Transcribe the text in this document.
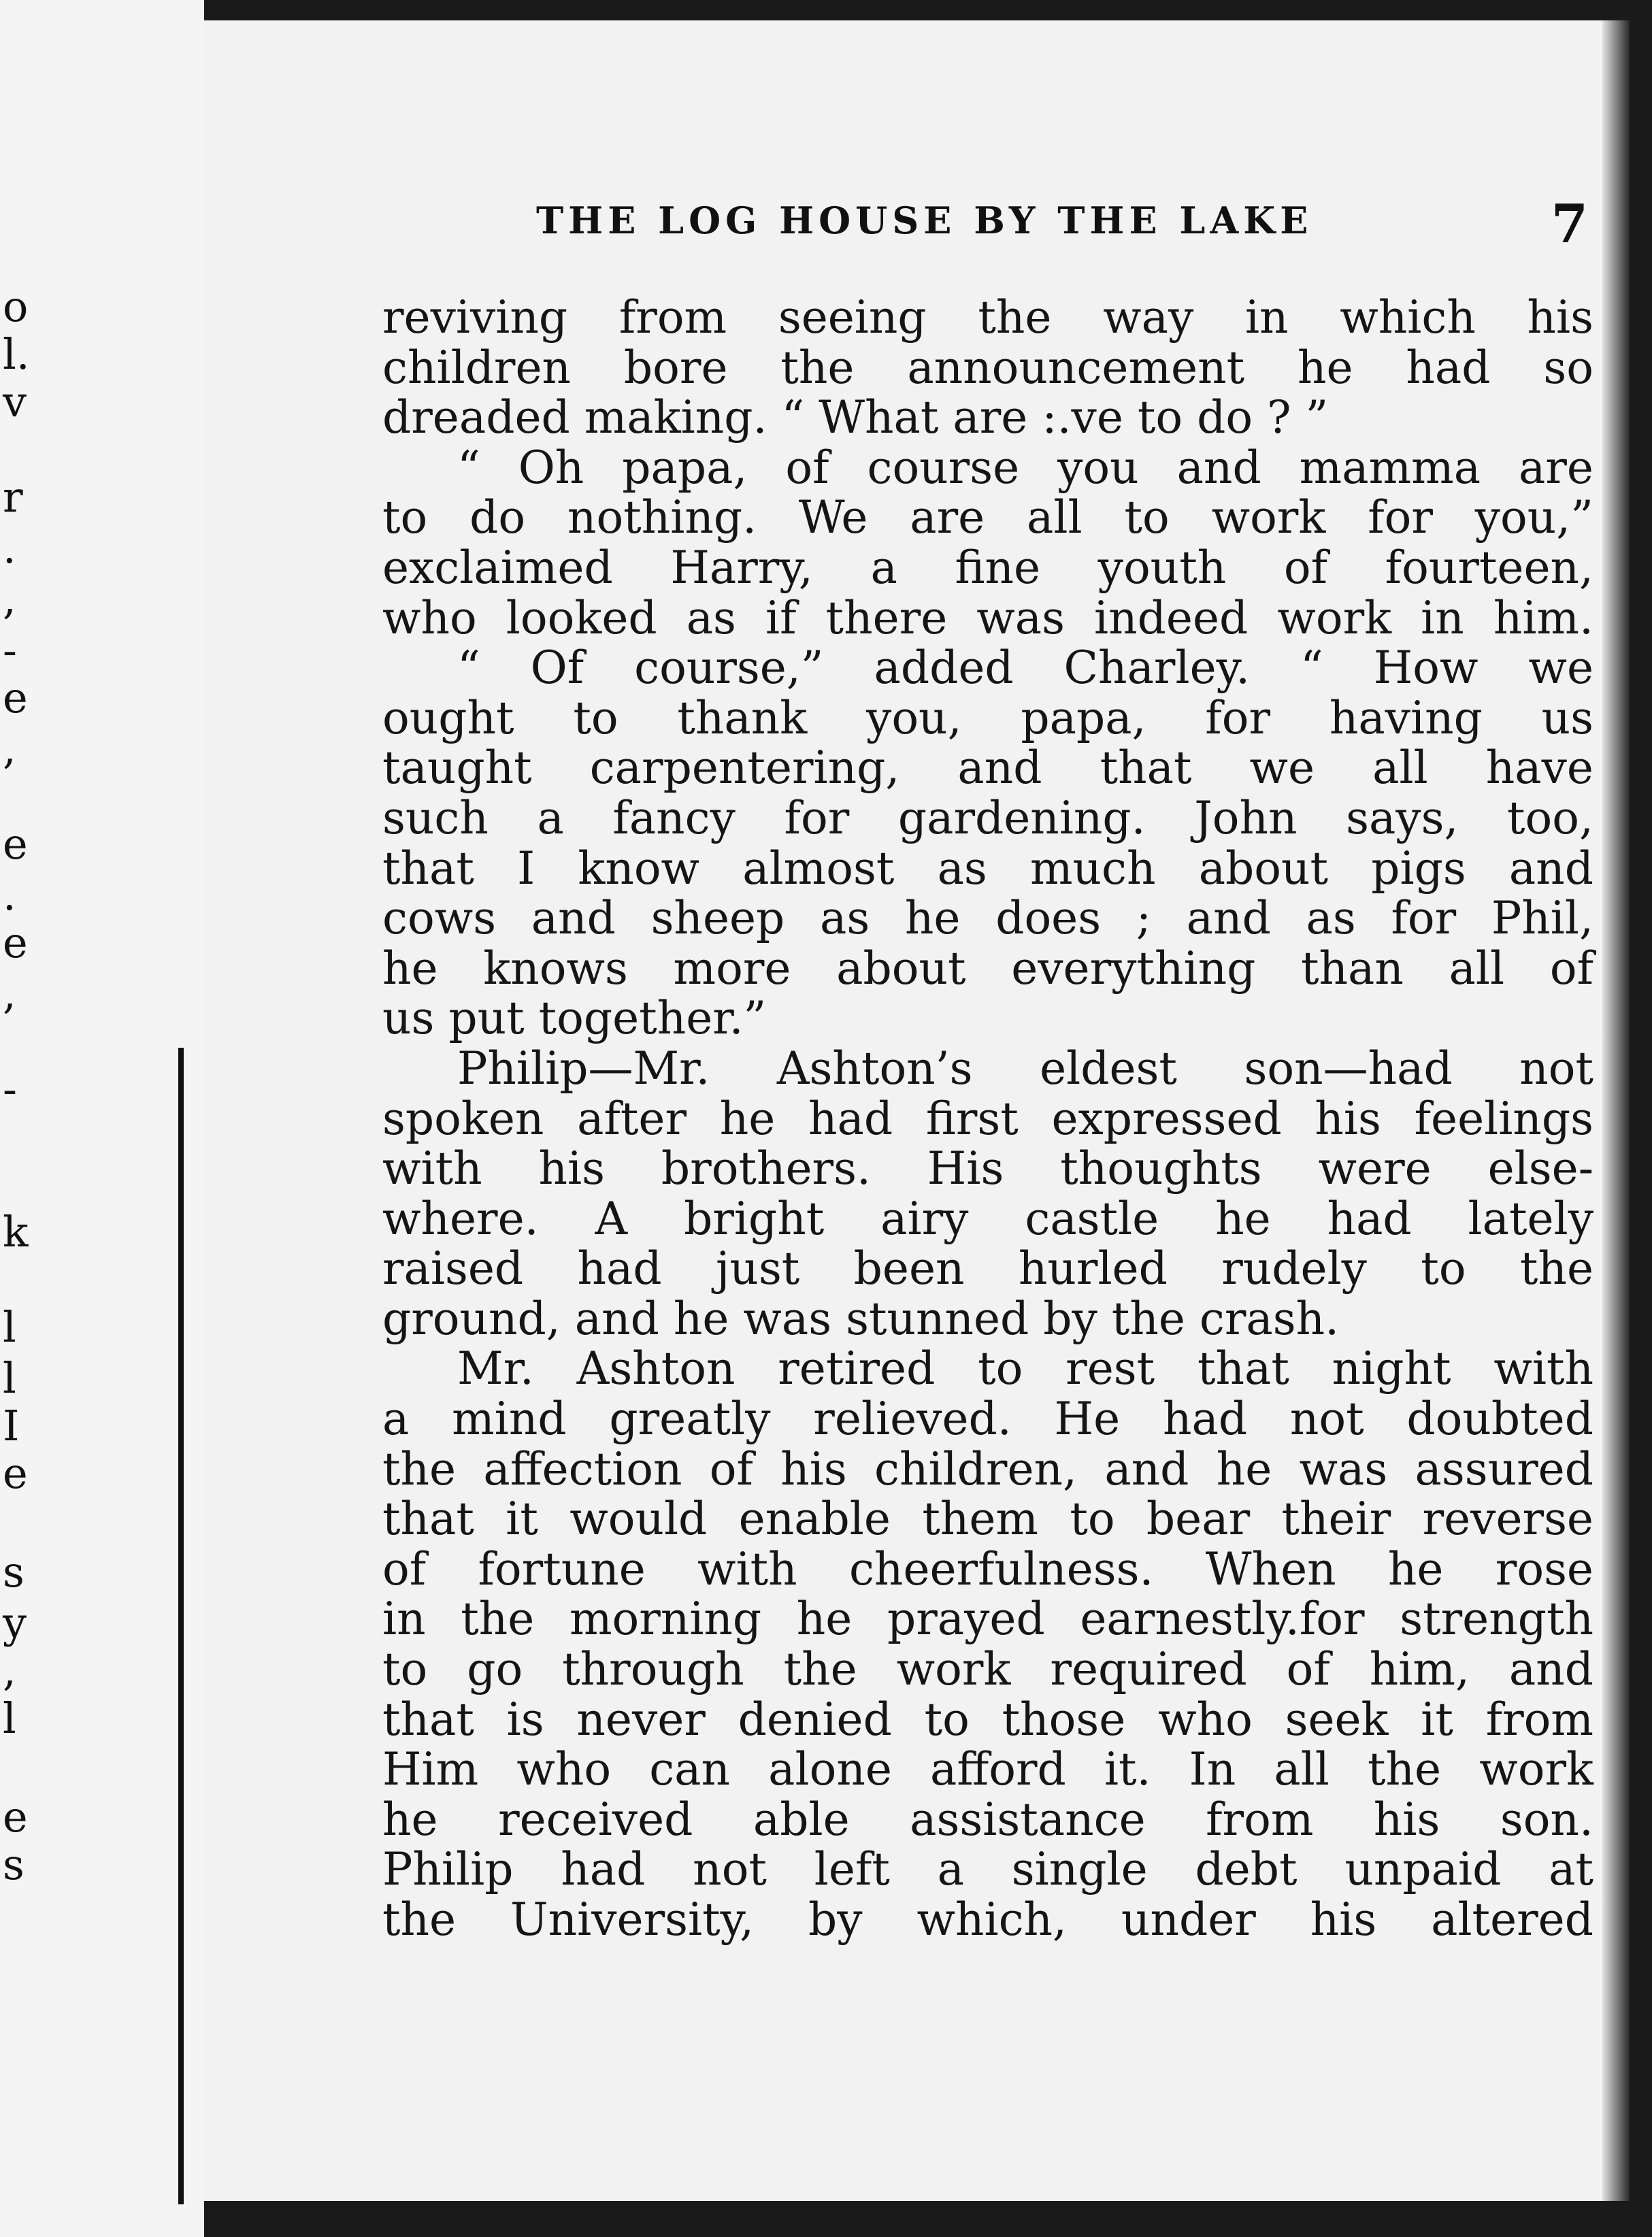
o
l.
v
r
.
,
-
e
,
e
.
e
,
-
k
l
l
I
e
s
y
,
l
e
s
THE LOG HOUSE BY THE LAKE	7
reviving from seeing the way in which his
children bore the announcement he had so
dreaded making. “ What are :.ve to do ? ”
“ Oh papa, of course you and mamma are
to do nothing. We are all to work for you,”
exclaimed Harry, a fine youth of fourteen,
who looked as if there was indeed work in him.
“ Of course,” added Charley. “ How we
ought to thank you, papa, for having us
taught carpentering, and that we all have
such a fancy for gardening. John says, too,
that I know almost as much about pigs and
cows and sheep as he does ; and as for Phil,
he knows more about everything than all of
us put together.”
Philip—Mr. Ashton’s eldest son—had not
spoken after he had first expressed his feelings
with his brothers. His thoughts were else-
where. A bright airy castle he had lately
raised had just been hurled rudely to the
ground, and he was stunned by the crash.
Mr. Ashton retired to rest that night with
a mind greatly relieved. He had not doubted
the affection of his children, and he was assured
that it would enable them to bear their reverse
of fortune with cheerfulness. When he rose
in the morning he prayed earnestly.for strength
to go through the work required of him, and
that is never denied to those who seek it from
Him who can alone afford it. In all the work
he received able assistance from his son.
Philip had not left a single debt unpaid at
the University, by which, under his altered
